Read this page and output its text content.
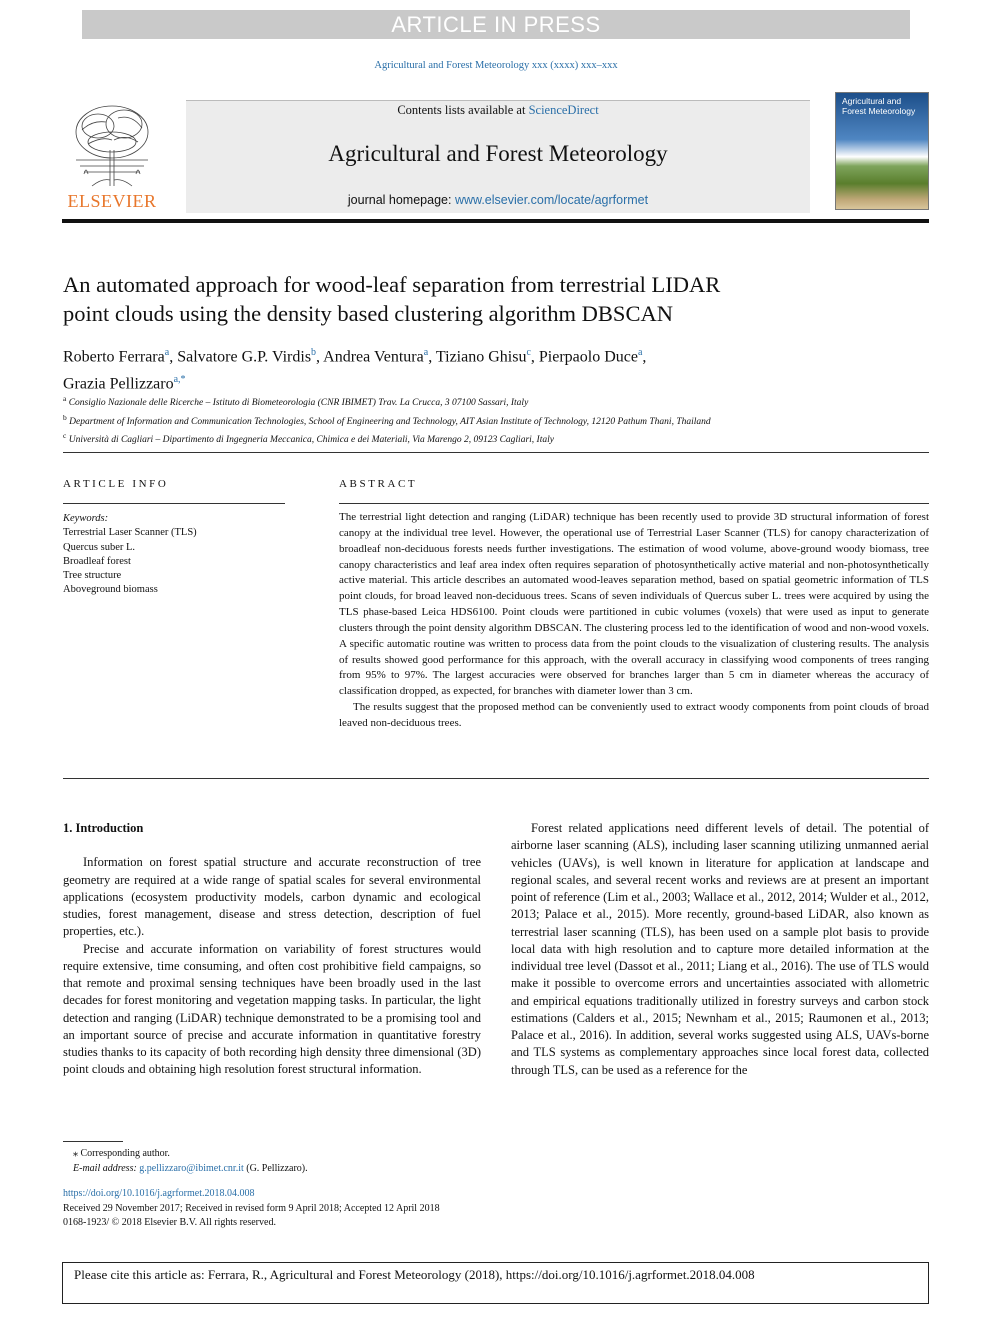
ARTICLE IN PRESS
Agricultural and Forest Meteorology xxx (xxxx) xxx–xxx
ELSEVIER
Contents lists available at ScienceDirect
Agricultural and Forest Meteorology
journal homepage: www.elsevier.com/locate/agrformet
Agricultural and Forest Meteorology
An automated approach for wood-leaf separation from terrestrial LIDAR
point clouds using the density based clustering algorithm DBSCAN
Roberto Ferrara$^a$, Salvatore G.P. Virdis$^b$, Andrea Ventura$^a$, Tiziano Ghisu$^c$, Pierpaolo Duce$^a$,
Grazia Pellizzaro$^{a,*}$
$^a$ Consiglio Nazionale delle Ricerche – Istituto di Biometeorologia (CNR IBIMET) Trav. La Crucca, 3 07100 Sassari, Italy
$^b$ Department of Information and Communication Technologies, School of Engineering and Technology, AIT Asian Institute of Technology, 12120 Pathum Thani, Thailand
$^c$ Università di Cagliari – Dipartimento di Ingegneria Meccanica, Chimica e dei Materiali, Via Marengo 2, 09123 Cagliari, Italy
ARTICLE INFO	ABSTRACT
Keywords:
Terrestrial Laser Scanner (TLS)
Quercus suber L.
Broadleaf forest
Tree structure
Aboveground biomass

The terrestrial light detection and ranging (LiDAR) technique has been recently used to provide 3D structural information of forest canopy at the individual tree level. However, the operational use of Terrestrial Laser Scanner (TLS) for canopy characterization of broadleaf non-deciduous forests needs further investigations. The estimation of wood volume, above-ground woody biomass, tree canopy characteristics and leaf area index often requires separation of photosynthetically active material and non-photosynthetically active material. This article describes an automated wood-leaves separation method, based on spatial geometric information of TLS point clouds, for broad leaved non-deciduous trees. Scans of seven individuals of Quercus suber L. trees were acquired by using the TLS phase-based Leica HDS6100. Point clouds were partitioned in cubic volumes (voxels) that were used as input to generate clusters through the point density algorithm DBSCAN. The clustering process led to the identification of wood and non-wood voxels. A specific automatic routine was written to process data from the point clouds to the visualization of clustering results. The analysis of results showed good performance for this approach, with the overall accuracy in classifying wood components of trees ranging from 95% to 97%. The largest accuracies were observed for branches larger than 5 cm in diameter whereas the accuracy of classification dropped, as expected, for branches with diameter lower than 3 cm.

The results suggest that the proposed method can be conveniently used to extract woody components from point clouds of broad leaved non-deciduous trees.

1. Introduction

Information on forest spatial structure and accurate reconstruction of tree geometry are required at a wide range of spatial scales for several environmental applications (ecosystem productivity models, carbon dynamic and ecological studies, forest management, disease and stress detection, description of fuel properties, etc.).

Precise and accurate information on variability of forest structures would require extensive, time consuming, and often cost prohibitive field campaigns, so that remote and proximal sensing techniques have been broadly used in the last decades for forest monitoring and vegetation mapping tasks. In particular, the light detection and ranging (LiDAR) technique demonstrated to be a promising tool and an important source of precise and accurate information in quantitative forestry studies thanks to its capacity of both recording high density three dimensional (3D) point clouds and obtaining high resolution forest structural information.

Forest related applications need different levels of detail. The potential of airborne laser scanning (ALS), including laser scanning utilizing unmanned aerial vehicles (UAVs), is well known in literature for application at landscape and regional scales, and several recent works and reviews are at present an important point of reference (Lim et al., 2003; Wallace et al., 2012, 2014; Wulder et al., 2012, 2013; Palace et al., 2015). More recently, ground-based LiDAR, also known as terrestrial laser scanning (TLS), has been used on a sample plot basis to provide local data with high resolution and to capture more detailed information at the individual tree level (Dassot et al., 2011; Liang et al., 2016). The use of TLS would make it possible to overcome errors and uncertainties associated with allometric and empirical equations traditionally utilized in forestry surveys and carbon stock estimations (Calders et al., 2015; Newnham et al., 2015; Raumonen et al., 2013; Palace et al., 2016). In addition, several works suggested using ALS, UAVs-borne and TLS systems as complementary approaches since local forest data, collected through TLS, can be used as a reference for the

⁎ Corresponding author.
E-mail address: g.pellizzaro@ibimet.cnr.it (G. Pellizzaro).
https://doi.org/10.1016/j.agrformet.2018.04.008
Received 29 November 2017; Received in revised form 9 April 2018; Accepted 12 April 2018
0168-1923/ © 2018 Elsevier B.V. All rights reserved.
Please cite this article as: Ferrara, R., Agricultural and Forest Meteorology (2018), https://doi.org/10.1016/j.agrformet.2018.04.008
